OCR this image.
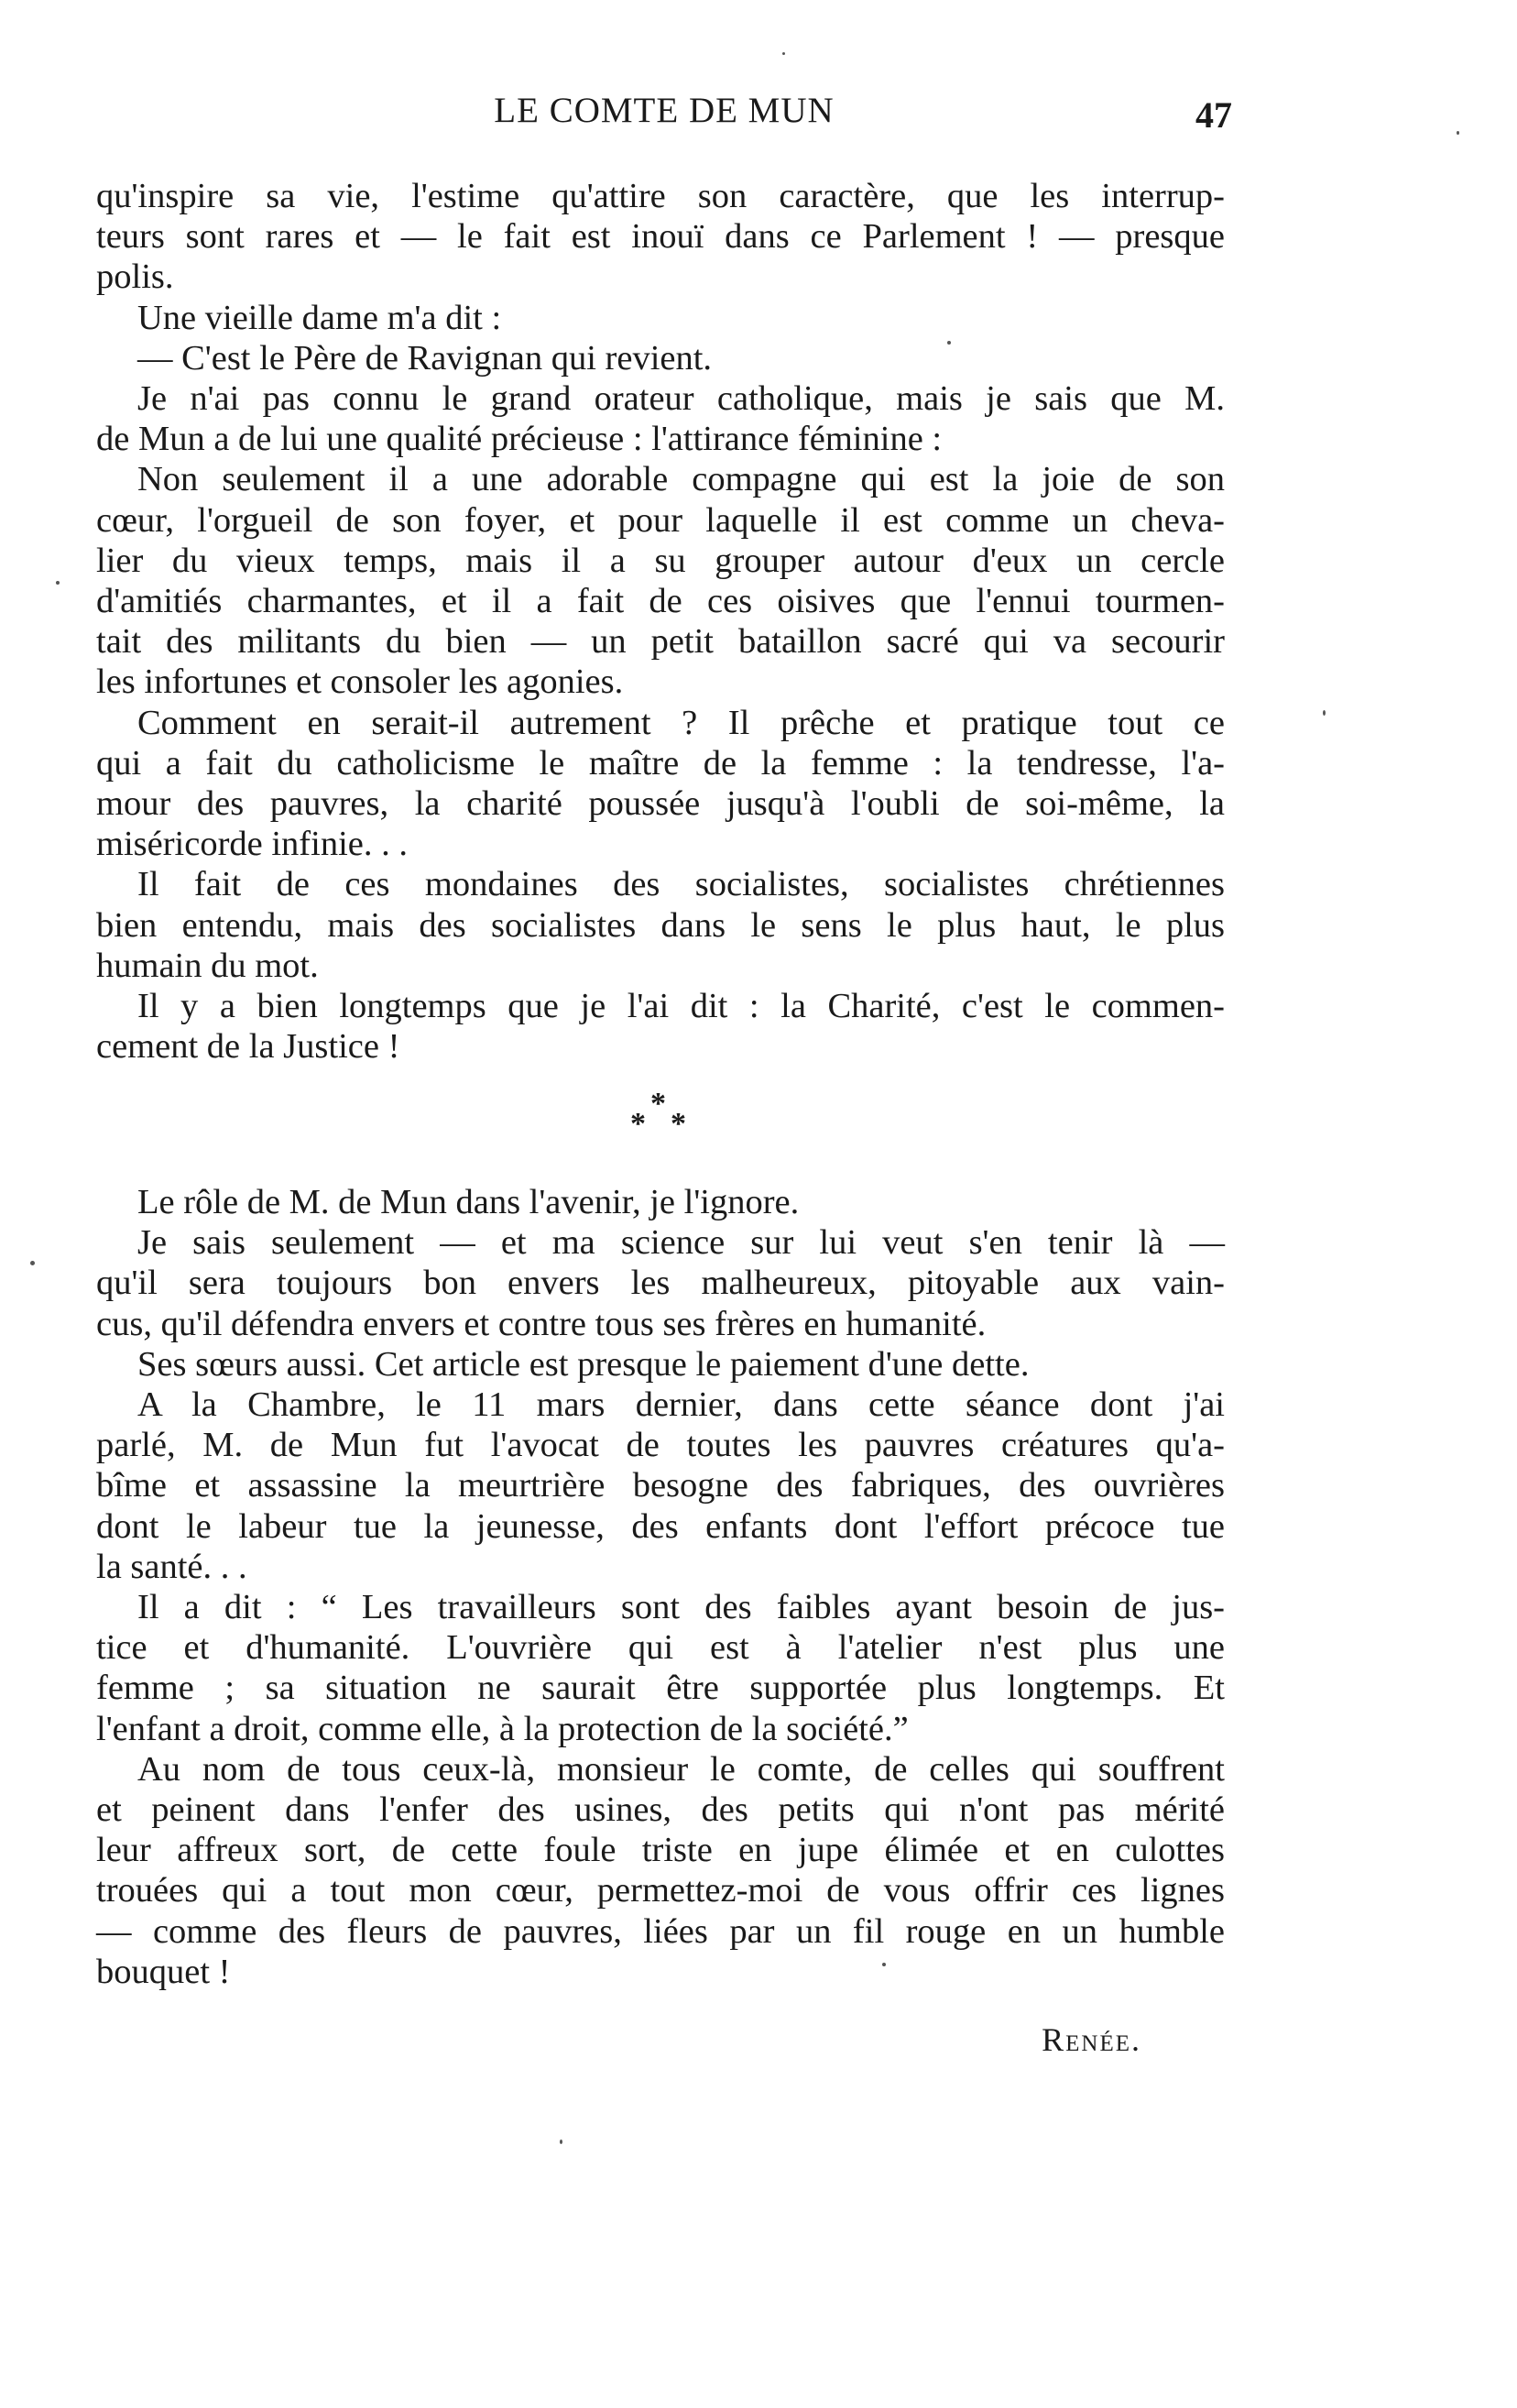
LE COMTE DE MUN	47
qu'inspire sa vie, l'estime qu'attire son caractère, que les interrup-
teurs sont rares et — le fait est inouï dans ce Parlement ! — presque
polis.
Une vieille dame m'a dit :
— C'est le Père de Ravignan qui revient.
Je n'ai pas connu le grand orateur catholique, mais je sais que M.
de Mun a de lui une qualité précieuse : l'attirance féminine :
Non seulement il a une adorable compagne qui est la joie de son
cœur, l'orgueil de son foyer, et pour laquelle il est comme un cheva-
lier du vieux temps, mais il a su grouper autour d'eux un cercle
d'amitiés charmantes, et il a fait de ces oisives que l'ennui tourmen-
tait des militants du bien — un petit bataillon sacré qui va secourir
les infortunes et consoler les agonies.
Comment en serait-il autrement ? Il prêche et pratique tout ce
qui a fait du catholicisme le maître de la femme : la tendresse, l'a-
mour des pauvres, la charité poussée jusqu'à l'oubli de soi-même, la
miséricorde infinie. . .
Il fait de ces mondaines des socialistes, socialistes chrétiennes
bien entendu, mais des socialistes dans le sens le plus haut, le plus
humain du mot.
Il y a bien longtemps que je l'ai dit : la Charité, c'est le commen-
cement de la Justice !
*
* *
Le rôle de M. de Mun dans l'avenir, je l'ignore.
Je sais seulement — et ma science sur lui veut s'en tenir là —
qu'il sera toujours bon envers les malheureux, pitoyable aux vain-
cus, qu'il défendra envers et contre tous ses frères en humanité.
Ses sœurs aussi. Cet article est presque le paiement d'une dette.
A la Chambre, le 11 mars dernier, dans cette séance dont j'ai
parlé, M. de Mun fut l'avocat de toutes les pauvres créatures qu'a-
bîme et assassine la meurtrière besogne des fabriques, des ouvrières
dont le labeur tue la jeunesse, des enfants dont l'effort précoce tue
la santé. . .
Il a dit : “ Les travailleurs sont des faibles ayant besoin de jus-
tice et d'humanité. L'ouvrière qui est à l'atelier n'est plus une
femme ; sa situation ne saurait être supportée plus longtemps. Et
l'enfant a droit, comme elle, à la protection de la société.”
Au nom de tous ceux-là, monsieur le comte, de celles qui souffrent
et peinent dans l'enfer des usines, des petits qui n'ont pas mérité
leur affreux sort, de cette foule triste en jupe élimée et en culottes
trouées qui a tout mon cœur, permettez-moi de vous offrir ces lignes
— comme des fleurs de pauvres, liées par un fil rouge en un humble
bouquet !
Renée.
